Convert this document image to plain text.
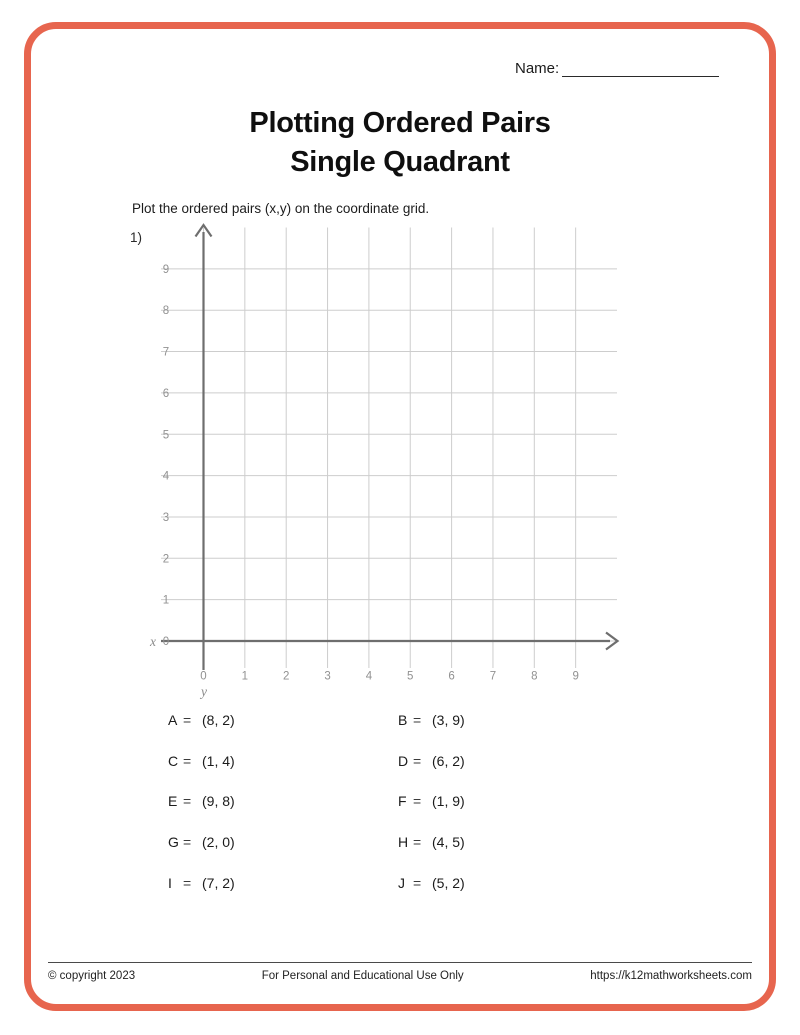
Name:
Plotting Ordered Pairs
Single Quadrant
Plot the ordered pairs (x,y) on the coordinate grid.
1)
0	1	2	3	4	5	6	7	8	9
0
1
2
3
4
5
6
7
8
9
x
y
A = (8, 2)
C = (1, 4)
E = (9, 8)
G = (2, 0)
I = (7, 2)
B = (3, 9)
D = (6, 2)
F = (1, 9)
H = (4, 5)
J = (5, 2)
© copyright 2023	For Personal and Educational Use Only	https://k12mathworksheets.com
